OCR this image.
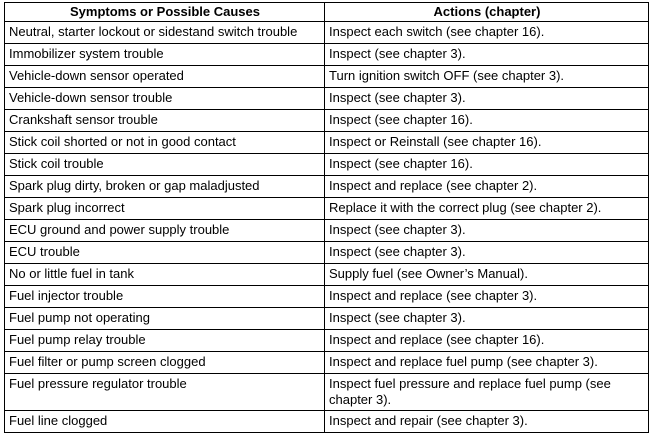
Symptoms or Possible Causes	Actions (chapter)
Neutral, starter lockout or sidestand switch trouble	Inspect each switch (see chapter 16).
Immobilizer system trouble	Inspect (see chapter 3).
Vehicle-down sensor operated	Turn ignition switch OFF (see chapter 3).
Vehicle-down sensor trouble	Inspect (see chapter 3).
Crankshaft sensor trouble	Inspect (see chapter 16).
Stick coil shorted or not in good contact	Inspect or Reinstall (see chapter 16).
Stick coil trouble	Inspect (see chapter 16).
Spark plug dirty, broken or gap maladjusted	Inspect and replace (see chapter 2).
Spark plug incorrect	Replace it with the correct plug (see chapter 2).
ECU ground and power supply trouble	Inspect (see chapter 3).
ECU trouble	Inspect (see chapter 3).
No or little fuel in tank	Supply fuel (see Owner’s Manual).
Fuel injector trouble	Inspect and replace (see chapter 3).
Fuel pump not operating	Inspect (see chapter 3).
Fuel pump relay trouble	Inspect and replace (see chapter 16).
Fuel filter or pump screen clogged	Inspect and replace fuel pump (see chapter 3).
Fuel pressure regulator trouble	Inspect fuel pressure and replace fuel pump (see chapter 3).
Fuel line clogged	Inspect and repair (see chapter 3).
